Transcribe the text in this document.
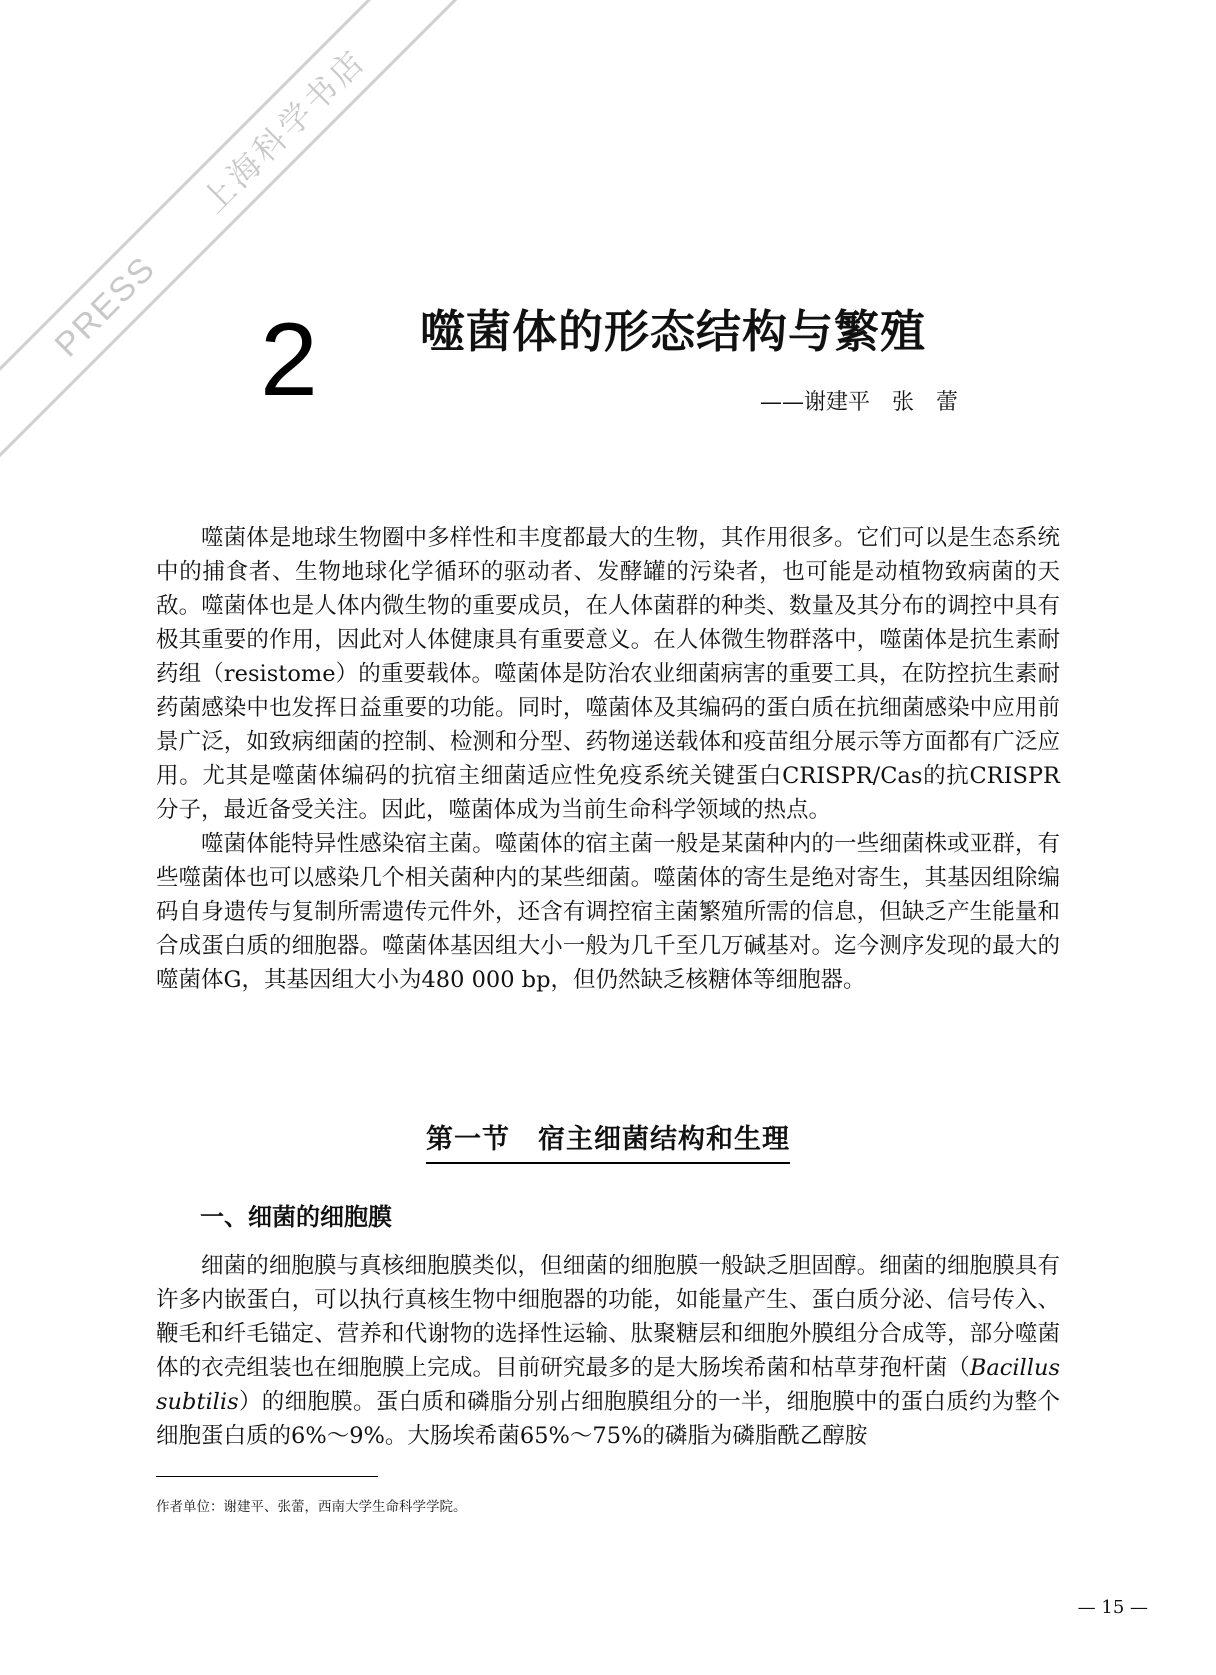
PRESS
上海科学书店
2 噬菌体的形态结构与繁殖
——谢建平　张　蕾

噬菌体是地球生物圈中多样性和丰度都最大的生物，其作用很多。它们可以是生态系统中的捕食者、生物地球化学循环的驱动者、发酵罐的污染者，也可能是动植物致病菌的天敌。噬菌体也是人体内微生物的重要成员，在人体菌群的种类、数量及其分布的调控中具有极其重要的作用，因此对人体健康具有重要意义。在人体微生物群落中，噬菌体是抗生素耐药组（resistome）的重要载体。噬菌体是防治农业细菌病害的重要工具，在防控抗生素耐药菌感染中也发挥日益重要的功能。同时，噬菌体及其编码的蛋白质在抗细菌感染中应用前景广泛，如致病细菌的控制、检测和分型、药物递送载体和疫苗组分展示等方面都有广泛应用。尤其是噬菌体编码的抗宿主细菌适应性免疫系统关键蛋白CRISPR/Cas的抗CRISPR分子，最近备受关注。因此，噬菌体成为当前生命科学领域的热点。

噬菌体能特异性感染宿主菌。噬菌体的宿主菌一般是某菌种内的一些细菌株或亚群，有些噬菌体也可以感染几个相关菌种内的某些细菌。噬菌体的寄生是绝对寄生，其基因组除编码自身遗传与复制所需遗传元件外，还含有调控宿主菌繁殖所需的信息，但缺乏产生能量和合成蛋白质的细胞器。噬菌体基因组大小一般为几千至几万碱基对。迄今测序发现的最大的噬菌体G，其基因组大小为480 000 bp，但仍然缺乏核糖体等细胞器。

第一节　宿主细菌结构和生理
一、细菌的细胞膜

细菌的细胞膜与真核细胞膜类似，但细菌的细胞膜一般缺乏胆固醇。细菌的细胞膜具有许多内嵌蛋白，可以执行真核生物中细胞器的功能，如能量产生、蛋白质分泌、信号传入、鞭毛和纤毛锚定、营养和代谢物的选择性运输、肽聚糖层和细胞外膜组分合成等，部分噬菌体的衣壳组装也在细胞膜上完成。目前研究最多的是大肠埃希菌和枯草芽孢杆菌（Bacillus subtilis）的细胞膜。蛋白质和磷脂分别占细胞膜组分的一半，细胞膜中的蛋白质约为整个细胞蛋白质的6%～9%。大肠埃希菌65%～75%的磷脂为磷脂酰乙醇胺

作者单位：谢建平、张蕾，西南大学生命科学学院。
— 15 —
